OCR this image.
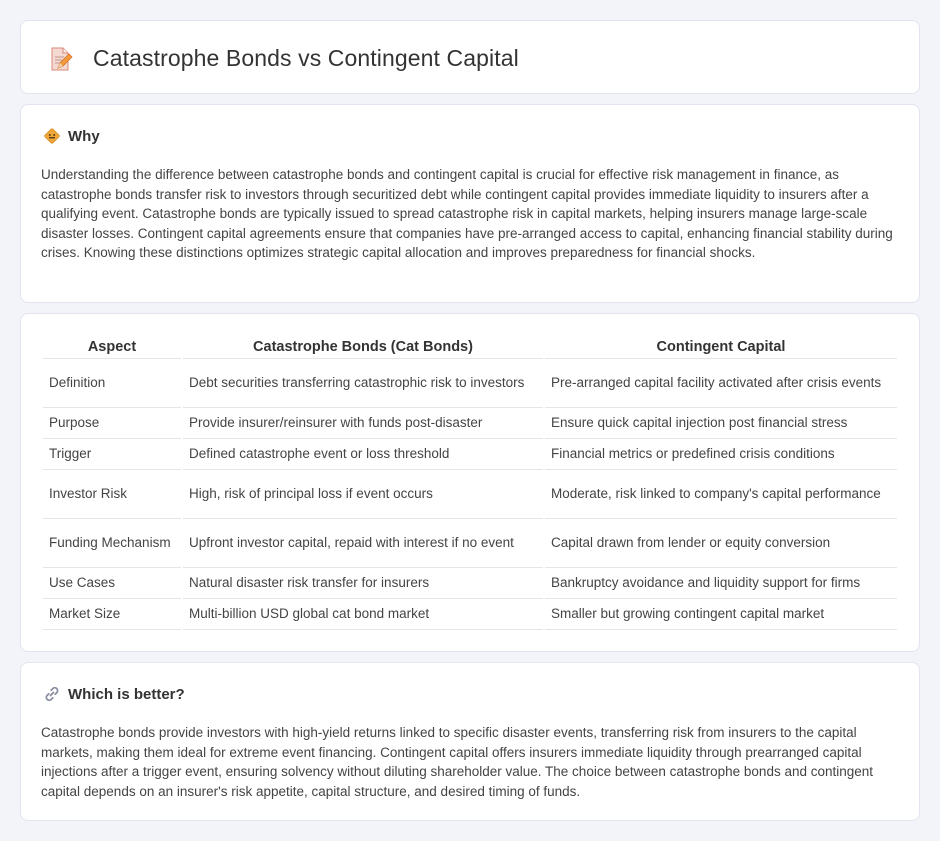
Catastrophe Bonds vs Contingent Capital
Why

Understanding the difference between catastrophe bonds and contingent capital is crucial for effective risk management in finance, as catastrophe bonds transfer risk to investors through securitized debt while contingent capital provides immediate liquidity to insurers after a qualifying event. Catastrophe bonds are typically issued to spread catastrophe risk in capital markets, helping insurers manage large-scale disaster losses. Contingent capital agreements ensure that companies have pre-arranged access to capital, enhancing financial stability during crises. Knowing these distinctions optimizes strategic capital allocation and improves preparedness for financial shocks.

Aspect	Catastrophe Bonds (Cat Bonds)	Contingent Capital
Definition	Debt securities transferring catastrophic risk to investors	Pre-arranged capital facility activated after crisis events
Purpose	Provide insurer/reinsurer with funds post-disaster	Ensure quick capital injection post financial stress
Trigger	Defined catastrophe event or loss threshold	Financial metrics or predefined crisis conditions
Investor Risk	High, risk of principal loss if event occurs	Moderate, risk linked to company's capital performance
Funding Mechanism	Upfront investor capital, repaid with interest if no event	Capital drawn from lender or equity conversion
Use Cases	Natural disaster risk transfer for insurers	Bankruptcy avoidance and liquidity support for firms
Market Size	Multi-billion USD global cat bond market	Smaller but growing contingent capital market
Which is better?

Catastrophe bonds provide investors with high-yield returns linked to specific disaster events, transferring risk from insurers to the capital markets, making them ideal for extreme event financing. Contingent capital offers insurers immediate liquidity through prearranged capital injections after a trigger event, ensuring solvency without diluting shareholder value. The choice between catastrophe bonds and contingent capital depends on an insurer's risk appetite, capital structure, and desired timing of funds.
